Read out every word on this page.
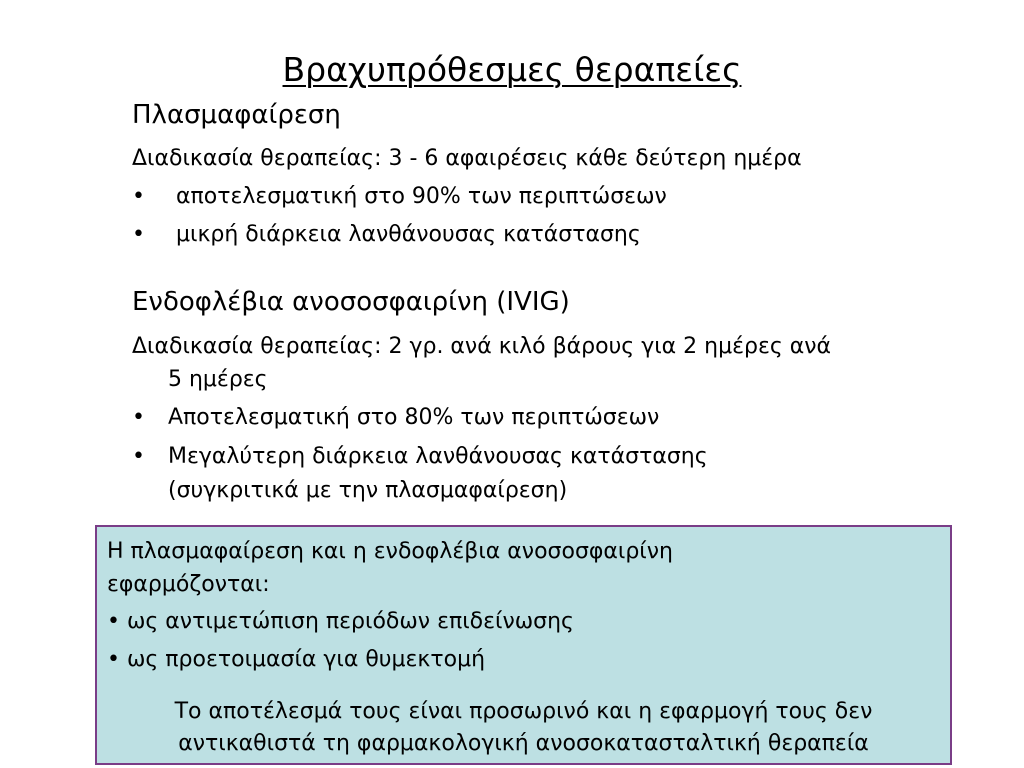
Βραχυπρόθεσμες θεραπείες
Πλασμαφαίρεση
Διαδικασία θεραπείας: 3 - 6 αφαιρέσεις κάθε δεύτερη ημέρα
• αποτελεσματική στο 90% των περιπτώσεων
• μικρή διάρκεια λανθάνουσας κατάστασης
Ενδοφλέβια ανοσοσφαιρίνη (IVIG)
Διαδικασία θεραπείας: 2 γρ. ανά κιλό βάρους για 2 ημέρες ανά
5 ημέρες
• Αποτελεσματική στο 80% των περιπτώσεων
• Μεγαλύτερη διάρκεια λανθάνουσας κατάστασης
(συγκριτικά με την πλασμαφαίρεση)
Η πλασμαφαίρεση και η ενδοφλέβια ανοσοσφαιρίνη
εφαρμόζονται:
• ως αντιμετώπιση περιόδων επιδείνωσης
• ως προετοιμασία για θυμεκτομή
Το αποτέλεσμά τους είναι προσωρινό και η εφαρμογή τους δεν
αντικαθιστά τη φαρμακολογική ανοσοκατασταλτική θεραπεία
